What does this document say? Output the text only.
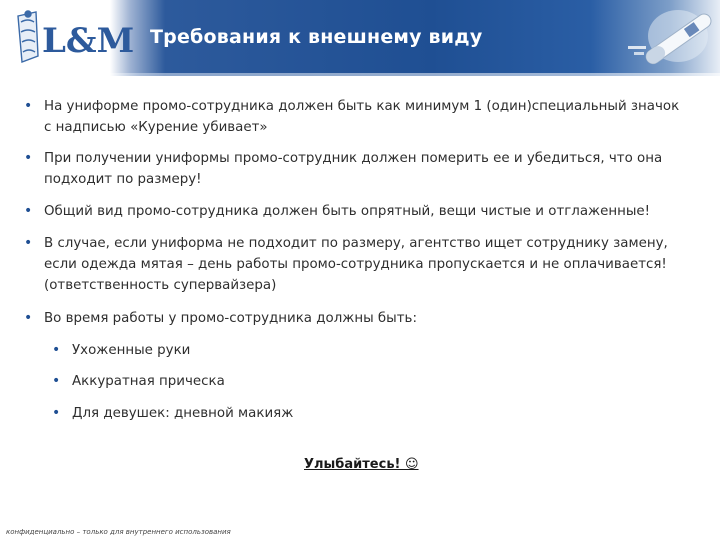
L&M Требования к внешнему виду
• На униформе промо-сотрудника должен быть как минимум 1 (один)специальный значок с надписью «Курение убивает»
• При получении униформы промо-сотрудник должен померить ее и убедиться, что она подходит по размеру!
• Общий вид промо-сотрудника должен быть опрятный, вещи чистые и отглаженные!
• В случае, если униформа не подходит по размеру, агентство ищет сотруднику замену, если одежда мятая – день работы промо-сотрудника пропускается и не оплачивается! (ответственность супервайзера)
• Во время работы у промо-сотрудника должны быть:
• Ухоженные руки
• Аккуратная прическа
• Для девушек: дневной макияж
Улыбайтесь! ☺
конфиденциально – только для внутреннего использования
